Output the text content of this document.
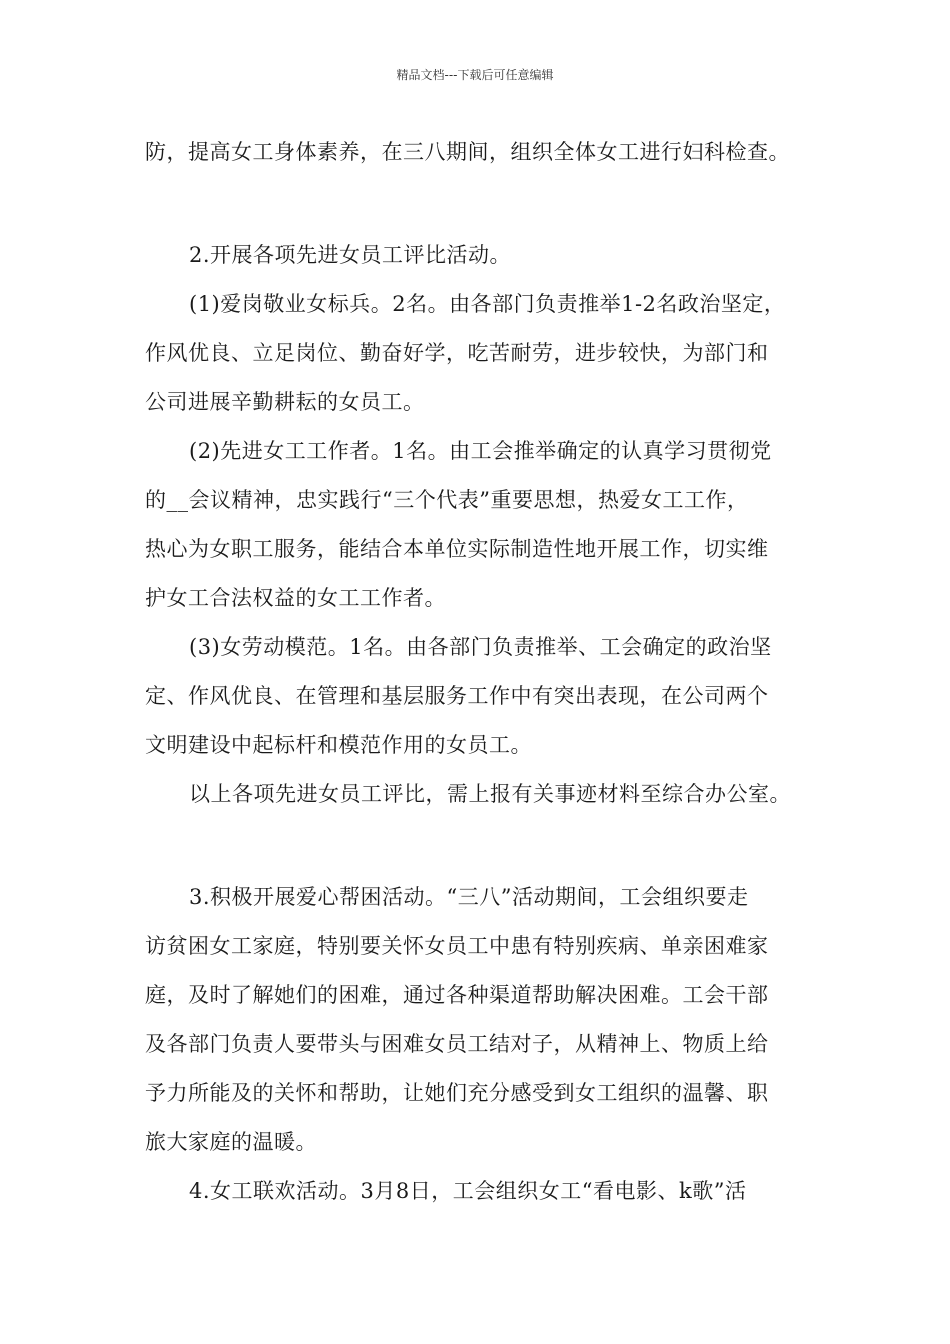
精品文档---下载后可任意编辑
防，提高女工身体素养，在三八期间，组织全体女工进行妇科检查。
2.开展各项先进女员工评比活动。
(1)爱岗敬业女标兵。2名。由各部门负责推举1-2名政治坚定，
作风优良、立足岗位、勤奋好学，吃苦耐劳，进步较快，为部门和
公司进展辛勤耕耘的女员工。
(2)先进女工工作者。1名。由工会推举确定的认真学习贯彻党
的__会议精神，忠实践行“三个代表”重要思想，热爱女工工作，
热心为女职工服务，能结合本单位实际制造性地开展工作，切实维
护女工合法权益的女工工作者。
(3)女劳动模范。1名。由各部门负责推举、工会确定的政治坚
定、作风优良、在管理和基层服务工作中有突出表现，在公司两个
文明建设中起标杆和模范作用的女员工。
以上各项先进女员工评比，需上报有关事迹材料至综合办公室。
3.积极开展爱心帮困活动。“三八”活动期间，工会组织要走
访贫困女工家庭，特别要关怀女员工中患有特别疾病、单亲困难家
庭，及时了解她们的困难，通过各种渠道帮助解决困难。工会干部
及各部门负责人要带头与困难女员工结对子，从精神上、物质上给
予力所能及的关怀和帮助，让她们充分感受到女工组织的温馨、职
旅大家庭的温暖。
4.女工联欢活动。3月8日，工会组织女工“看电影、k歌”活
